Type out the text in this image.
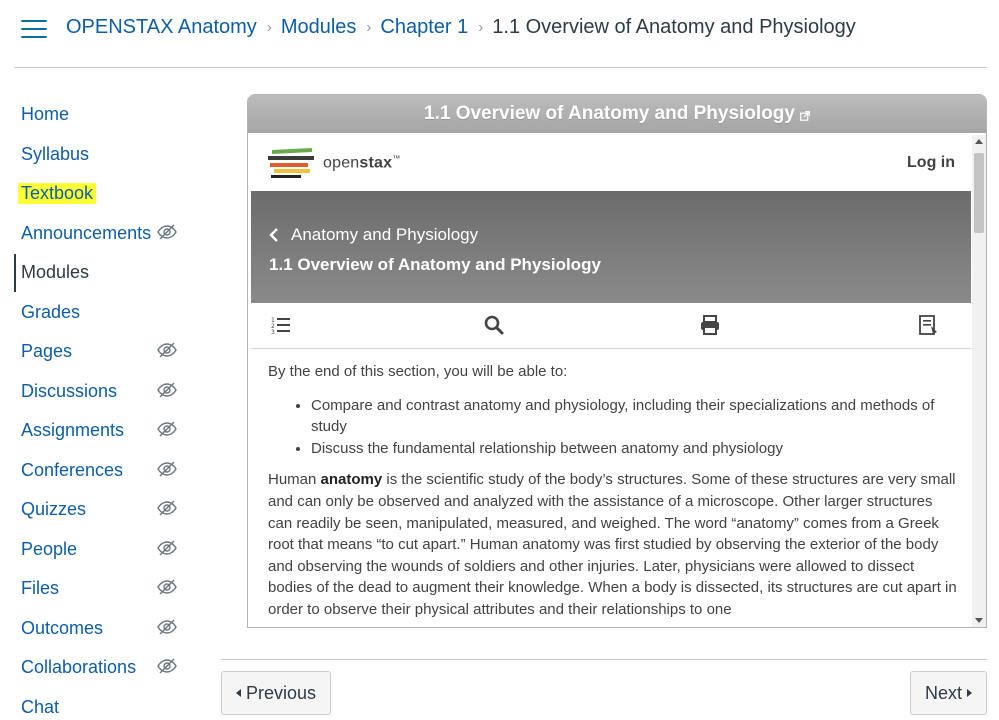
OPENSTAX Anatomy › Modules › Chapter 1 › 1.1 Overview of Anatomy and Physiology
Home
Syllabus
Textbook
Announcements
Modules
Grades
Pages
Discussions
Assignments
Conferences
Quizzes
People
Files
Outcomes
Collaborations
Chat
1.1 Overview of Anatomy and Physiology
openstax™	Log in
Anatomy and Physiology
1.1 Overview of Anatomy and Physiology
1
2
3

By the end of this section, you will be able to:

• Compare and contrast anatomy and physiology, including their specializations and methods of study
• Discuss the fundamental relationship between anatomy and physiology

Human anatomy is the scientific study of the body’s structures. Some of these structures are very small and can only be observed and analyzed with the assistance of a microscope. Other larger structures can readily be seen, manipulated, measured, and weighed. The word “anatomy” comes from a Greek root that means “to cut apart.” Human anatomy was first studied by observing the exterior of the body and observing the wounds of soldiers and other injuries. Later, physicians were allowed to dissect bodies of the dead to augment their knowledge. When a body is dissected, its structures are cut apart in order to observe their physical attributes and their relationships to one

Previous	Next
